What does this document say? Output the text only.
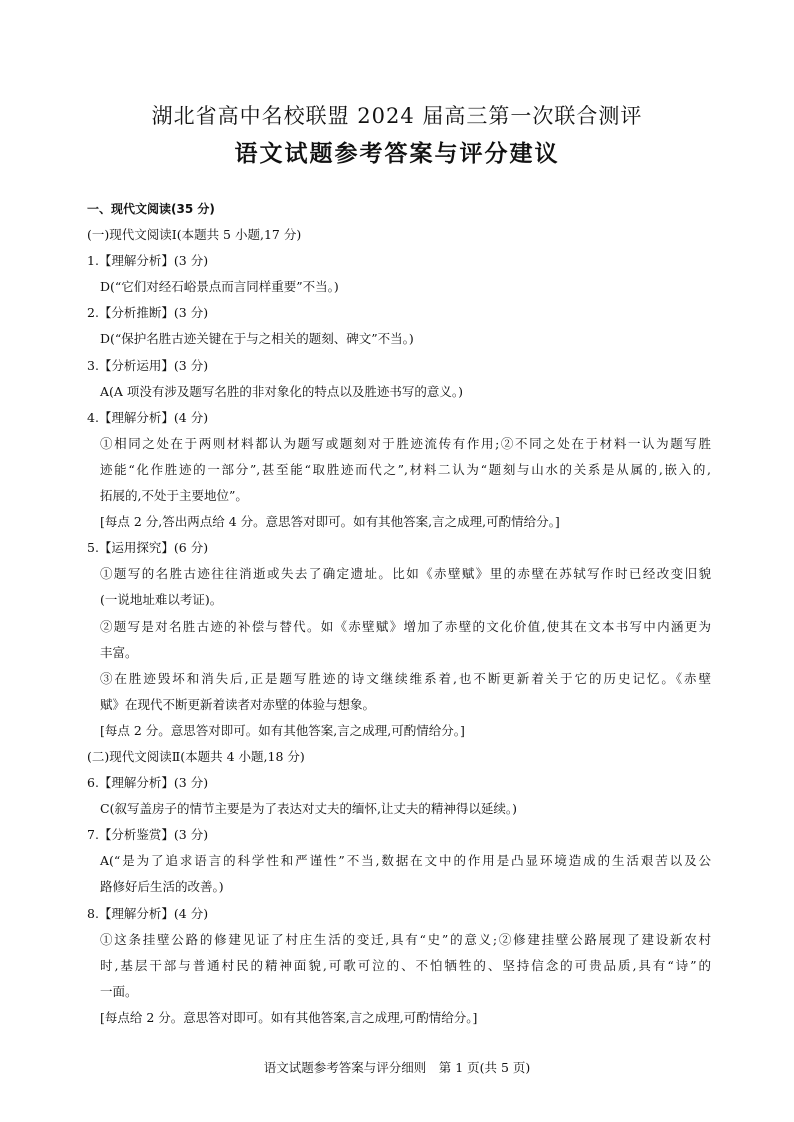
湖北省高中名校联盟 2024 届高三第一次联合测评
语文试题参考答案与评分建议
一、现代文阅读(35 分)
(一)现代文阅读Ⅰ(本题共 5 小题,17 分)
1.【理解分析】(3 分)
D(“它们对经石峪景点而言同样重要”不当。)
2.【分析推断】(3 分)
D(“保护名胜古迹关键在于与之相关的题刻、碑文”不当。)
3.【分析运用】(3 分)
A(A 项没有涉及题写名胜的非对象化的特点以及胜迹书写的意义。)
4.【理解分析】(4 分)
①相同之处在于两则材料都认为题写或题刻对于胜迹流传有作用;②不同之处在于材料一认为题写胜
迹能“化作胜迹的一部分”,甚至能“取胜迹而代之”,材料二认为“题刻与山水的关系是从属的,嵌入的,
拓展的,不处于主要地位”。
[每点 2 分,答出两点给 4 分。意思答对即可。如有其他答案,言之成理,可酌情给分。]
5.【运用探究】(6 分)
①题写的名胜古迹往往消逝或失去了确定遗址。比如《赤壁赋》里的赤壁在苏轼写作时已经改变旧貌
(一说地址难以考证)。
②题写是对名胜古迹的补偿与替代。如《赤壁赋》增加了赤壁的文化价值,使其在文本书写中内涵更为
丰富。
③在胜迹毁坏和消失后,正是题写胜迹的诗文继续维系着,也不断更新着关于它的历史记忆。《赤壁
赋》在现代不断更新着读者对赤壁的体验与想象。
[每点 2 分。意思答对即可。如有其他答案,言之成理,可酌情给分。]
(二)现代文阅读Ⅱ(本题共 4 小题,18 分)
6.【理解分析】(3 分)
C(叙写盖房子的情节主要是为了表达对丈夫的缅怀,让丈夫的精神得以延续。)
7.【分析鉴赏】(3 分)
A(“是为了追求语言的科学性和严谨性”不当,数据在文中的作用是凸显环境造成的生活艰苦以及公
路修好后生活的改善。)
8.【理解分析】(4 分)
①这条挂壁公路的修建见证了村庄生活的变迁,具有“史”的意义;②修建挂壁公路展现了建设新农村
时,基层干部与普通村民的精神面貌,可歌可泣的、不怕牺牲的、坚持信念的可贵品质,具有“诗”的
一面。
[每点给 2 分。意思答对即可。如有其他答案,言之成理,可酌情给分。]
语文试题参考答案与评分细则　第 1 页(共 5 页)
